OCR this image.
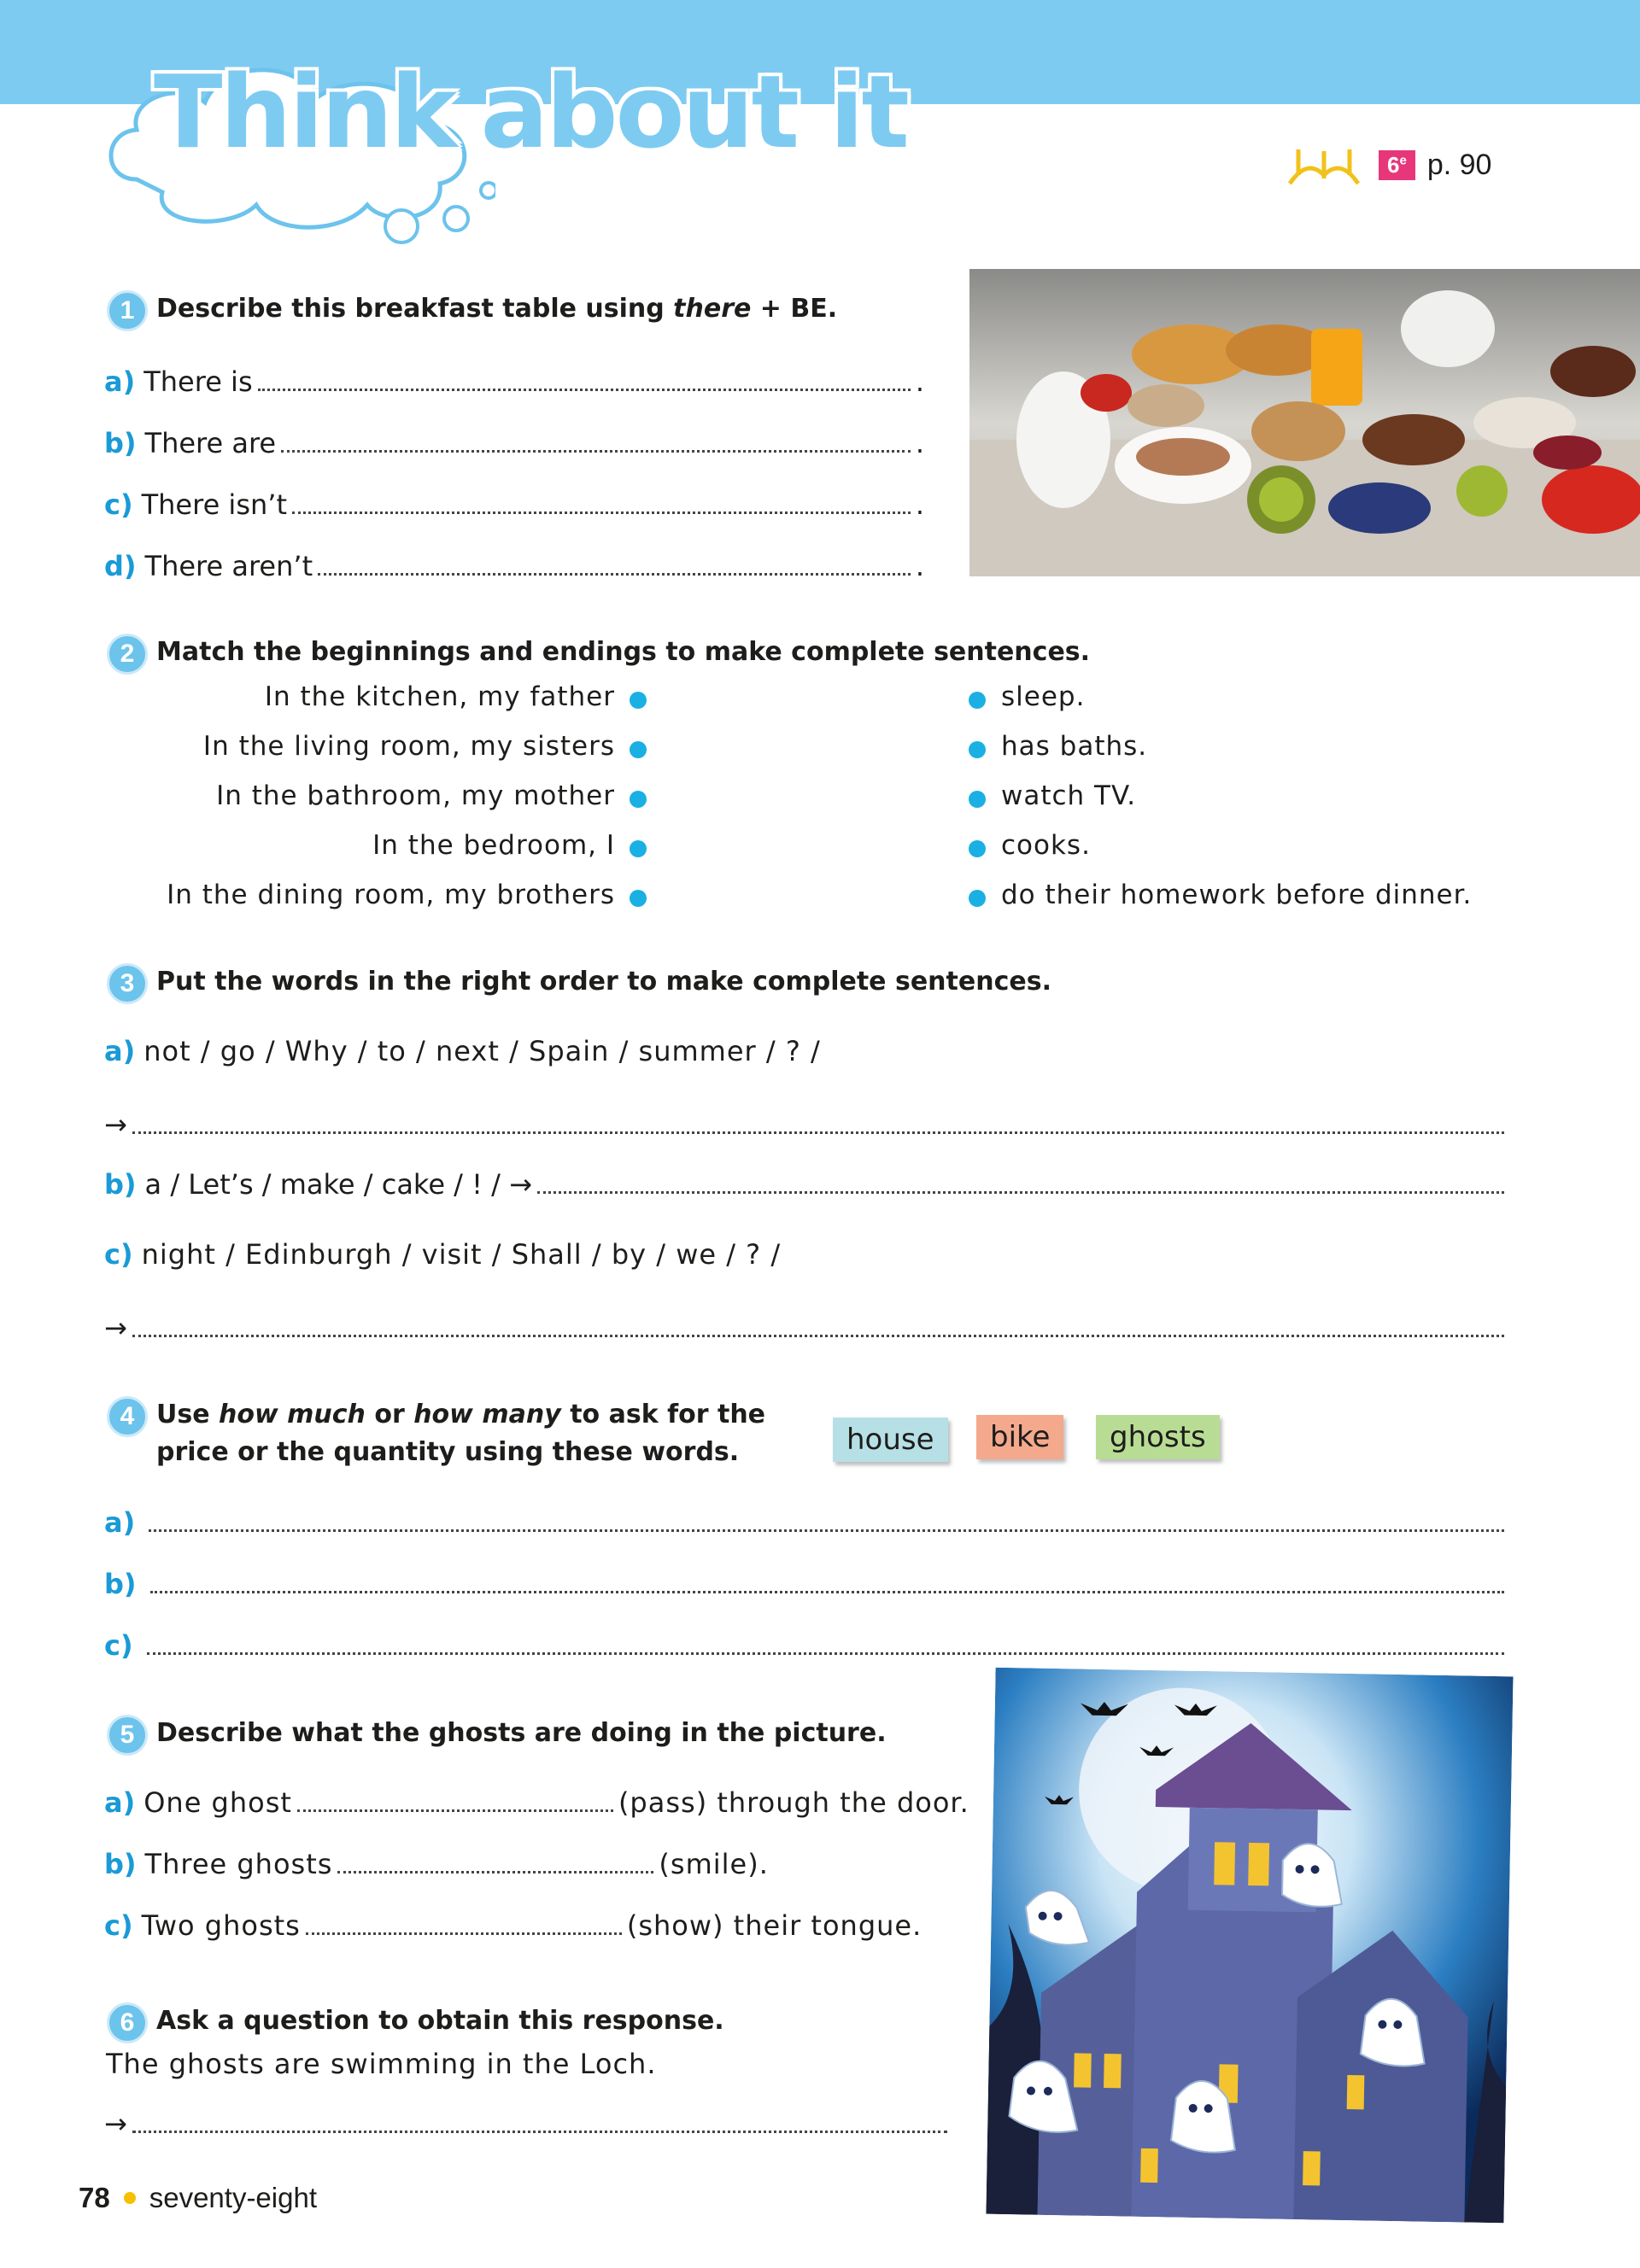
Think about it	6e p. 90
1 Describe this breakfast table using there + BE.
a) There is	.
b) There are	.
c) There isn’t	.
d) There aren’t	.
2 Match the beginnings and endings to make complete sentences.
In the kitchen, my father	sleep.
In the living room, my sisters	has baths.
In the bathroom, my mother	watch TV.
In the bedroom, I	cooks.
In the dining room, my brothers	do their homework before dinner.
3 Put the words in the right order to make complete sentences.
a) not / go / Why / to / next / Spain / summer / ? /
→
b) a / Let’s / make / cake / ! / →
c) night / Edinburgh / visit / Shall / by / we / ? /
→
4 Use how much or how many to ask for the
price or the quantity using these words.	house	bike	ghosts
a)
b)
c)
5 Describe what the ghosts are doing in the picture.
a) One ghost	(pass) through the door.
b) Three ghosts	(smile).
c) Two ghosts	(show) their tongue.
6 Ask a question to obtain this response.
The ghosts are swimming in the Loch.
→
78 seventy-eight
